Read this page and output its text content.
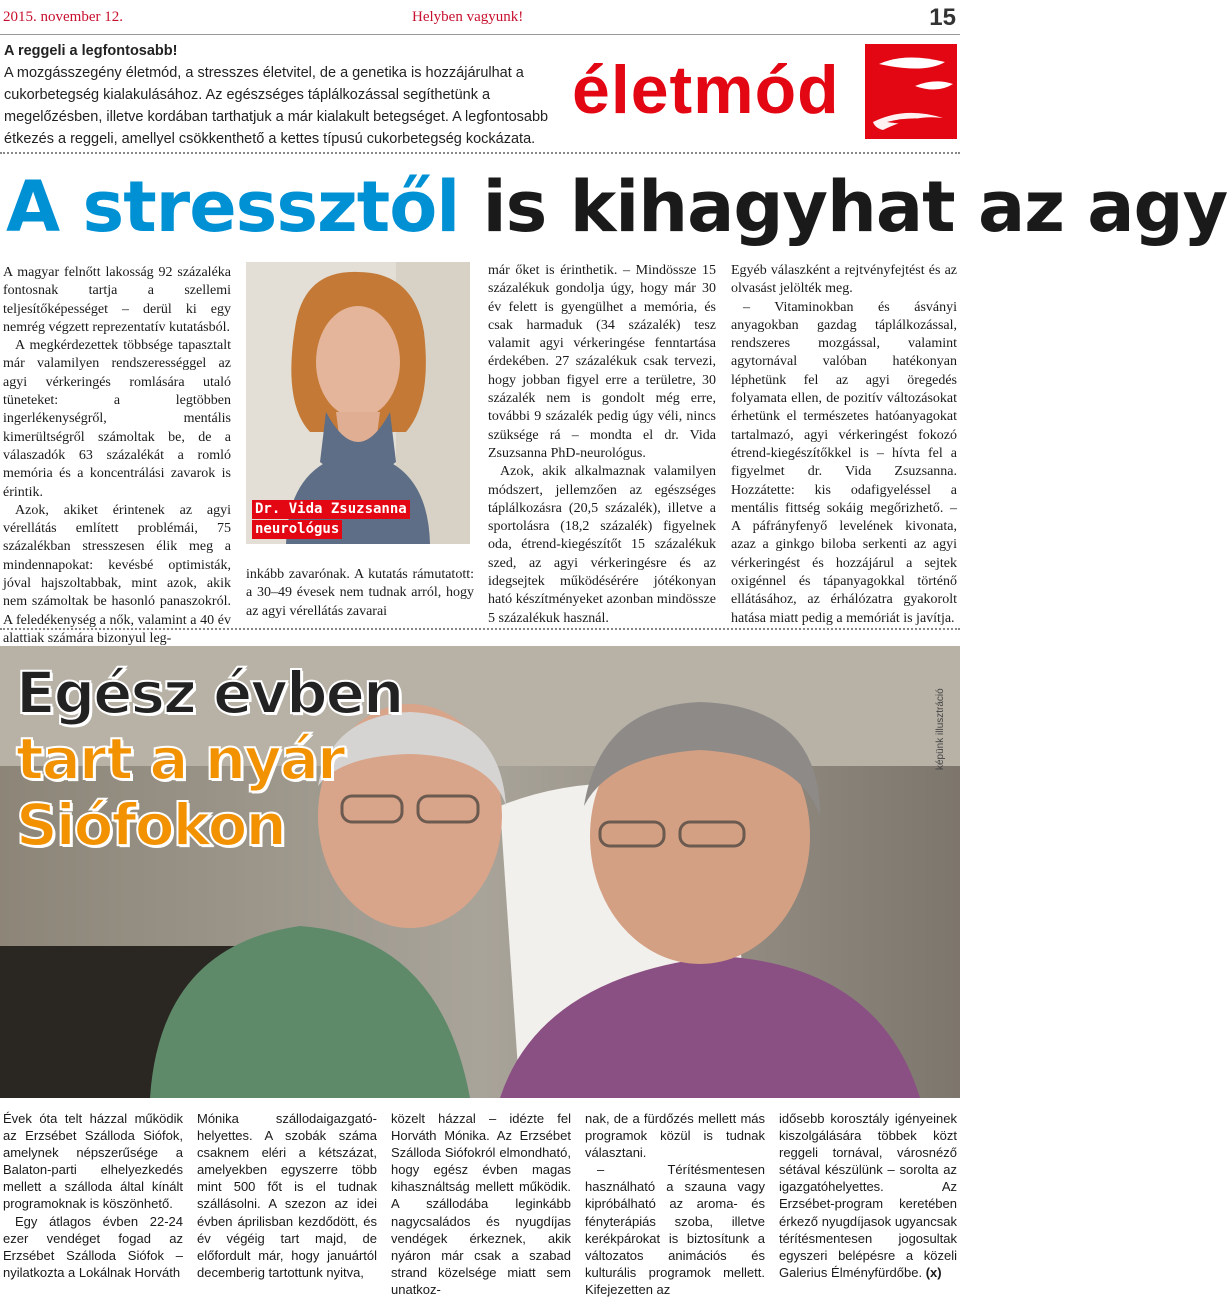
2015. november 12.	Helyben vagyunk!	15
A reggeli a legfontosabb!
A mozgásszegény életmód, a stresszes életvitel, de a genetika is hozzájárulhat a cukorbetegség kialakulásához. Az egészséges táplálkozással segíthetünk a megelőzésben, illetve kordában tarthatjuk a már kialakult betegséget. A legfontosabb étkezés a reggeli, amellyel csökkenthető a kettes típusú cukorbetegség kockázata.
életmód
A stressztől is kihagyhat az agy

A magyar felnőtt lakosság 92 százaléka fontosnak tartja a szellemi teljesítőképességet – derül ki egy nemrég végzett reprezentatív kutatásból.

A megkérdezettek többsége tapasztalt már valamilyen rendszerességgel az agyi vérkeringés romlására utaló tüneteket: a legtöbben ingerlékenységről, mentális kimerültségről számoltak be, de a válaszadók 63 százalékát a romló memória és a koncentrálási zavarok is érintik.

Azok, akiket érintenek az agyi vérellátás említett problémái, 75 százalékban stresszesen élik meg a mindennapokat: kevésbé optimisták, jóval hajszoltabbak, mint azok, akik nem számoltak be hasonló panaszokról. A feledékenység a nők, valamint a 40 év alattiak számára bizonyul leg-

Dr. Vida Zsuzsanna
neurológus

inkább zavarónak. A kutatás rámutatott: a 30–49 évesek nem tudnak arról, hogy az agyi vérellátás zavarai

már őket is érinthetik. – Mindössze 15 százalékuk gondolja úgy, hogy már 30 év felett is gyengülhet a memória, és csak harmaduk (34 százalék) tesz valamit agyi vérkeringése fenntartása érdekében. 27 százalékuk csak tervezi, hogy jobban figyel erre a területre, 30 százalék nem is gondolt még erre, további 9 százalék pedig úgy véli, nincs szüksége rá – mondta el dr. Vida Zsuzsanna PhD-neurológus.

Azok, akik alkalmaznak valamilyen módszert, jellemzően az egészséges táplálkozásra (20,5 százalék), illetve a sportolásra (18,2 százalék) figyelnek oda, étrend-kiegészítőt 15 százalékuk szed, az agyi vérkeringésre és az idegsejtek működésérére jótékonyan ható készítményeket azonban mindössze 5 százalékuk használ.

Egyéb válaszként a rejtvényfejtést és az olvasást jelölték meg.

– Vitaminokban és ásványi anyagokban gazdag táplálkozással, rendszeres mozgással, valamint agytornával valóban hatékonyan léphetünk fel az agyi öregedés folyamata ellen, de pozitív változásokat érhetünk el természetes hatóanyagokat tartalmazó, agyi vérkeringést fokozó étrend-kiegészítőkkel is – hívta fel a figyelmet dr. Vida Zsuzsanna. Hozzátette: kis odafigyeléssel a mentális fittség sokáig megőrizhető. – A páfrányfenyő levelének kivonata, azaz a ginkgo biloba serkenti az agyi vérkeringést és hozzájárul a sejtek oxigénnel és tápanyagokkal történő ellátásához, az érhálózatra gyakorolt hatása miatt pedig a memóriát is javítja.

Egész évben
tart a nyár
Siófokon
képünk illusztráció

Évek óta telt házzal működik az Erzsébet Szálloda Siófok, amelynek népszerűsége a Balaton-parti elhelyezkedés mellett a szálloda által kínált programoknak is köszönhető.

Egy átlagos évben 22-24 ezer vendéget fogad az Erzsébet Szálloda Siófok – nyilatkozta a Lokálnak Horváth

Mónika szállodaigazgató-helyettes. A szobák száma csaknem eléri a kétszázat, amelyekben egyszerre több mint 500 főt is el tudnak szállásolni. A szezon az idei évben áprilisban kezdődött, és év végéig tart majd, de előfordult már, hogy januártól decemberig tartottunk nyitva,

közelt házzal – idézte fel Horváth Mónika. Az Erzsébet Szálloda Siófokról elmondható, hogy egész évben magas kihasználtság mellett működik. A szállodába leginkább nagycsaládos és nyugdíjas vendégek érkeznek, akik nyáron már csak a szabad strand közelsége miatt sem unatkoz-

nak, de a fürdőzés mellett más programok közül is tudnak választani.

– Térítésmentesen használható a szauna vagy kipróbálható az aroma- és fényterápiás szoba, illetve kerékpárokat is biztosítunk a változatos animációs és kulturális programok mellett. Kifejezetten az

idősebb korosztály igényeinek kiszolgálására többek közt reggeli tornával, városnéző sétával készülünk – sorolta az igazgatóhelyettes. Az Erzsébet-program keretében érkező nyugdíjasok ugyancsak térítésmentesen jogosultak egyszeri belépésre a közeli Galerius Élményfürdőbe. (x)
